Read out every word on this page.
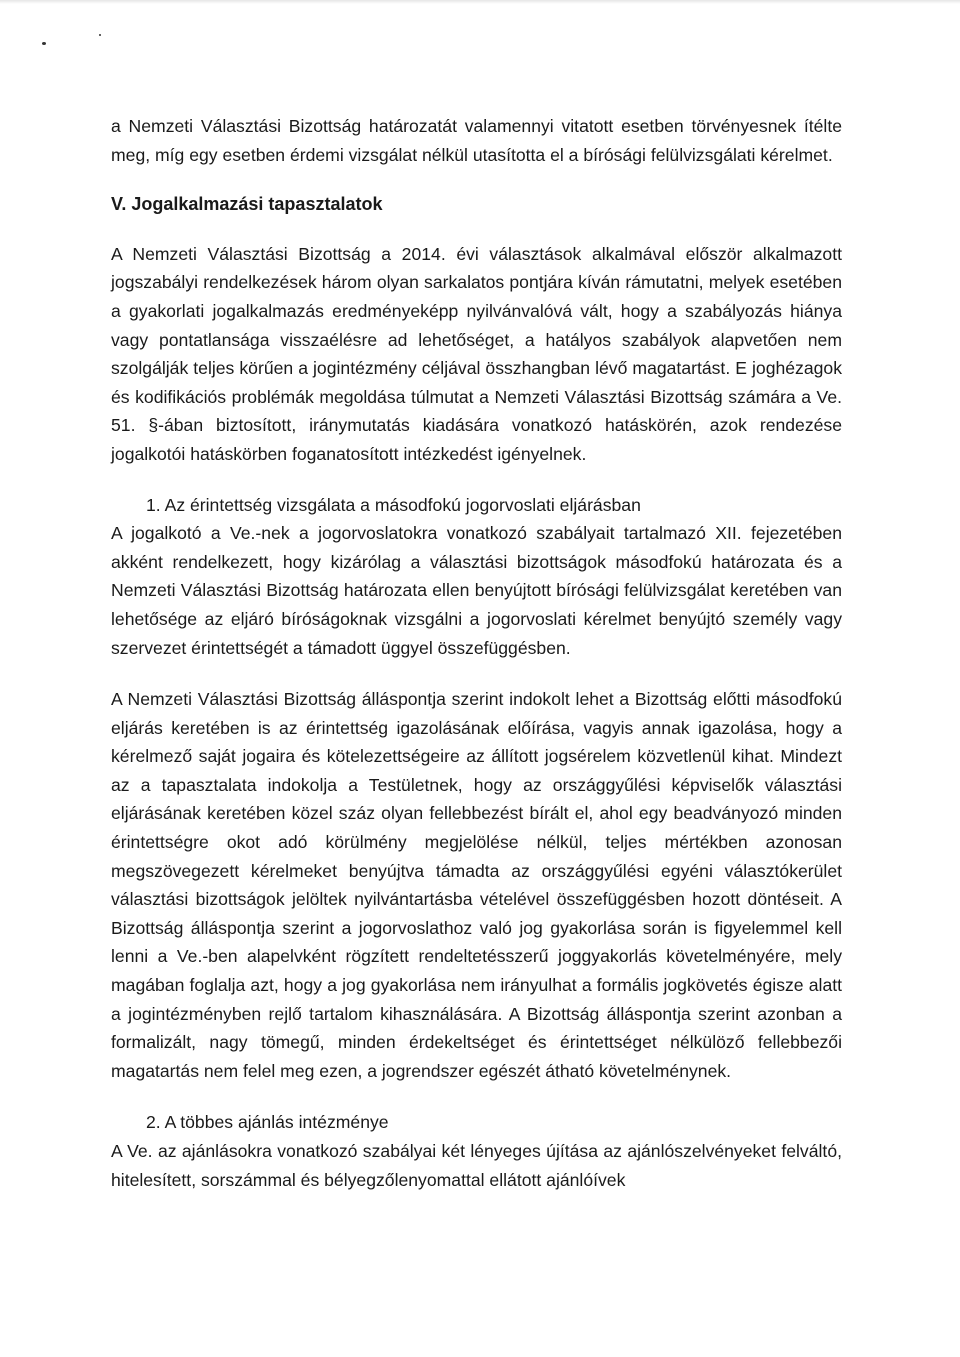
a Nemzeti Választási Bizottság határozatát valamennyi vitatott esetben törvényesnek ítélte meg, míg egy esetben érdemi vizsgálat nélkül utasította el a bírósági felülvizsgálati kérelmet.

V. Jogalkalmazási tapasztalatok

A Nemzeti Választási Bizottság a 2014. évi választások alkalmával először alkalmazott jogszabályi rendelkezések három olyan sarkalatos pontjára kíván rámutatni, melyek esetében a gyakorlati jogalkalmazás eredményeképp nyilvánvalóvá vált, hogy a szabályozás hiánya vagy pontatlansága visszaélésre ad lehetőséget, a hatályos szabályok alapvetően nem szolgálják teljes körűen a jogintézmény céljával összhangban lévő magatartást. E joghézagok és kodifikációs problémák megoldása túlmutat a Nemzeti Választási Bizottság számára a Ve. 51. §-ában biztosított, iránymutatás kiadására vonatkozó hatáskörén, azok rendezése jogalkotói hatáskörben foganatosított intézkedést igényelnek.

1. Az érintettség vizsgálata a másodfokú jogorvoslati eljárásban

A jogalkotó a Ve.-nek a jogorvoslatokra vonatkozó szabályait tartalmazó XII. fejezetében akként rendelkezett, hogy kizárólag a választási bizottságok másodfokú határozata és a Nemzeti Választási Bizottság határozata ellen benyújtott bírósági felülvizsgálat keretében van lehetősége az eljáró bíróságoknak vizsgálni a jogorvoslati kérelmet benyújtó személy vagy szervezet érintettségét a támadott üggyel összefüggésben.

A Nemzeti Választási Bizottság álláspontja szerint indokolt lehet a Bizottság előtti másodfokú eljárás keretében is az érintettség igazolásának előírása, vagyis annak igazolása, hogy a kérelmező saját jogaira és kötelezettségeire az állított jogsérelem közvetlenül kihat. Mindezt az a tapasztalata indokolja a Testületnek, hogy az országgyűlési képviselők választási eljárásának keretében közel száz olyan fellebbezést bírált el, ahol egy beadványozó minden érintettségre okot adó körülmény megjelölése nélkül, teljes mértékben azonosan megszövegezett kérelmeket benyújtva támadta az országgyűlési egyéni választókerület választási bizottságok jelöltek nyilvántartásba vételével összefüggésben hozott döntéseit. A Bizottság álláspontja szerint a jogorvoslathoz való jog gyakorlása során is figyelemmel kell lenni a Ve.-ben alapelvként rögzített rendeltetésszerű joggyakorlás követelményére, mely magában foglalja azt, hogy a jog gyakorlása nem irányulhat a formális jogkövetés égisze alatt a jogintézményben rejlő tartalom kihasználására. A Bizottság álláspontja szerint azonban a formalizált, nagy tömegű, minden érdekeltséget és érintettséget nélkülöző fellebbezői magatartás nem felel meg ezen, a jogrendszer egészét átható követelménynek.

2. A többes ajánlás intézménye

A Ve. az ajánlásokra vonatkozó szabályai két lényeges újítása az ajánlószelvényeket felváltó, hitelesített, sorszámmal és bélyegzőlenyomattal ellátott ajánlóívek
